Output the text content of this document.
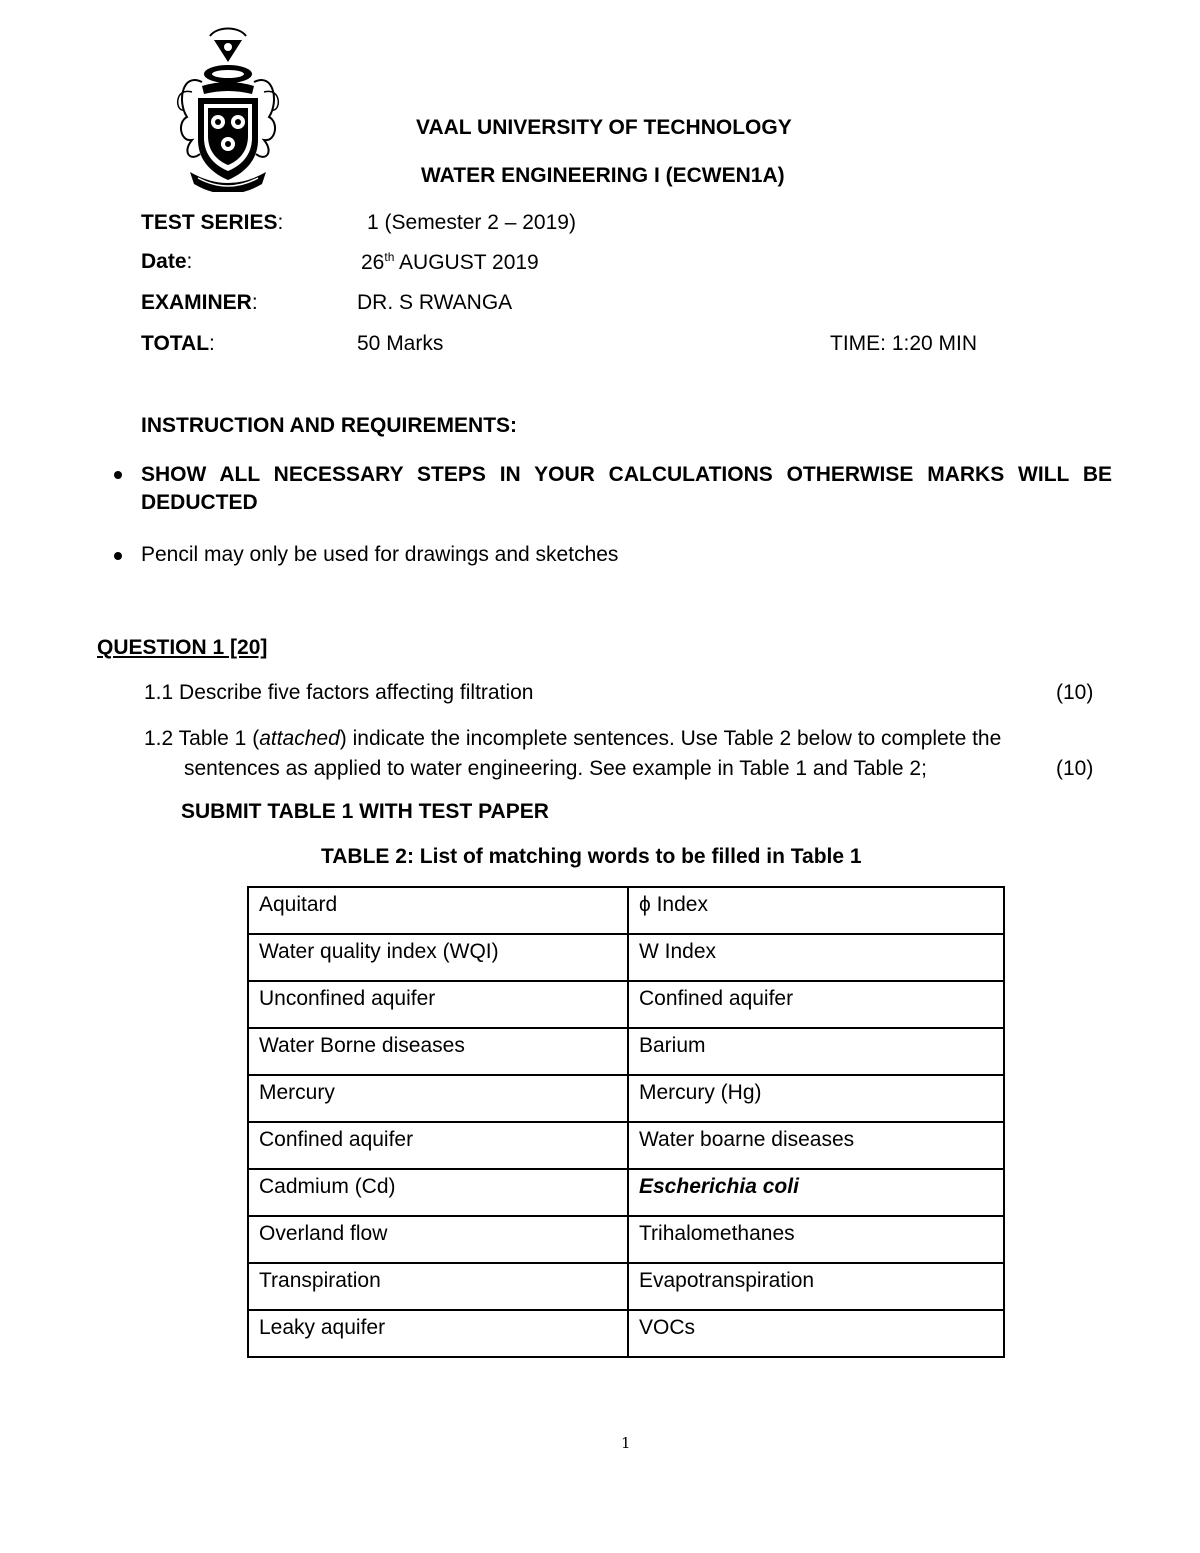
VAAL UNIVERSITY OF TECHNOLOGY
WATER ENGINEERING I (ECWEN1A)
TEST SERIES:	1 (Semester 2 – 2019)
Date:	26th AUGUST 2019
EXAMINER:	DR. S RWANGA
TOTAL:	50 Marks	TIME: 1:20 MIN
INSTRUCTION AND REQUIREMENTS:
SHOW ALL NECESSARY STEPS IN YOUR CALCULATIONS OTHERWISE MARKS WILL BE
DEDUCTED
Pencil may only be used for drawings and sketches
QUESTION 1 [20]
1.1 Describe five factors affecting filtration	(10)
1.2 Table 1 (attached) indicate the incomplete sentences. Use Table 2 below to complete the
sentences as applied to water engineering. See example in Table 1 and Table 2;	(10)
SUBMIT TABLE 1 WITH TEST PAPER
TABLE 2: List of matching words to be filled in Table 1
Aquitard	ϕ Index
Water quality index (WQI)	W Index
Unconfined aquifer	Confined aquifer
Water Borne diseases	Barium
Mercury	Mercury (Hg)
Confined aquifer	Water boarne diseases
Cadmium (Cd)	Escherichia coli
Overland flow	Trihalomethanes
Transpiration	Evapotranspiration
Leaky aquifer	VOCs
1
